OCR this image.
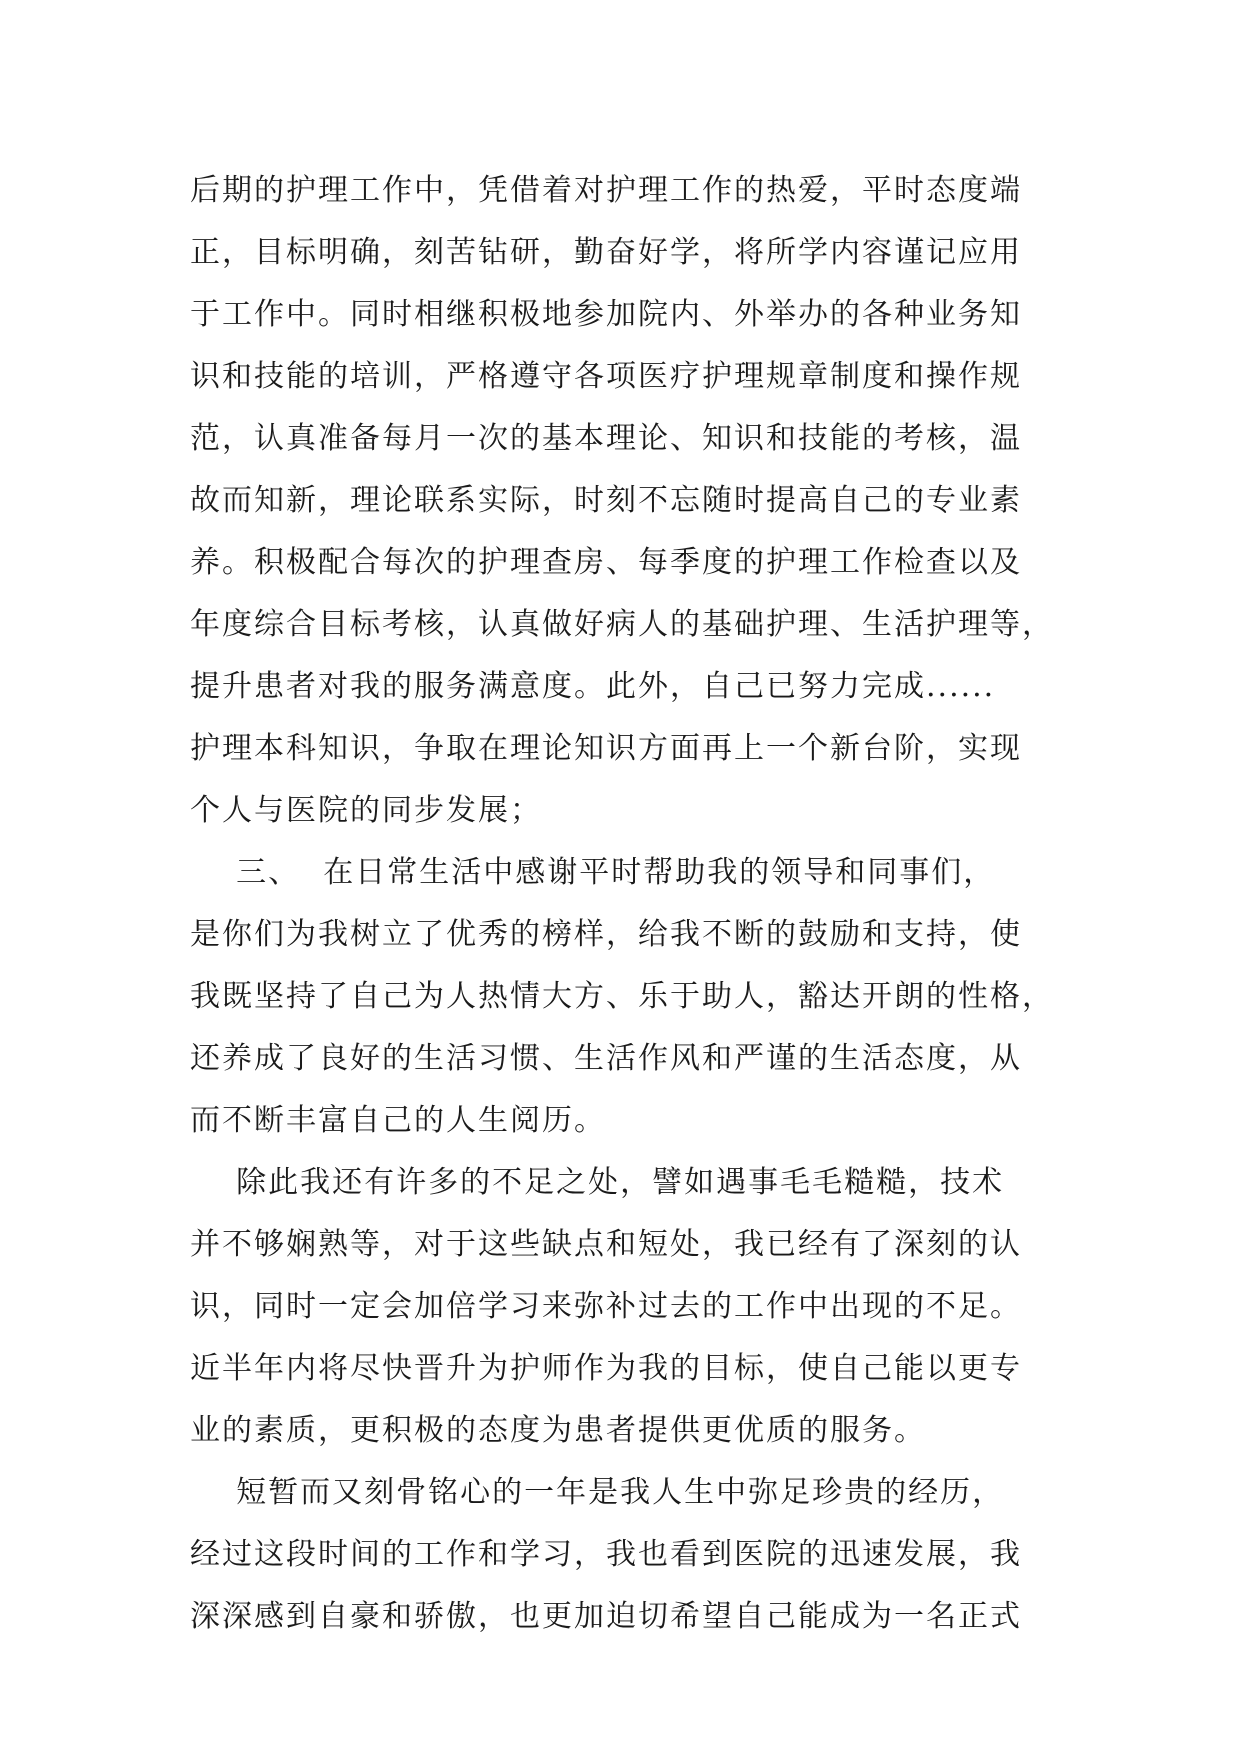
后期的护理工作中，凭借着对护理工作的热爱，平时态度端
正，目标明确，刻苦钻研，勤奋好学，将所学内容谨记应用
于工作中。同时相继积极地参加院内、外举办的各种业务知
识和技能的培训，严格遵守各项医疗护理规章制度和操作规
范，认真准备每月一次的基本理论、知识和技能的考核，温
故而知新，理论联系实际，时刻不忘随时提高自己的专业素
养。积极配合每次的护理查房、每季度的护理工作检查以及
年度综合目标考核，认真做好病人的基础护理、生活护理等，
提升患者对我的服务满意度。此外，自己已努力完成......
护理本科知识，争取在理论知识方面再上一个新台阶，实现
个人与医院的同步发展；
三、  在日常生活中感谢平时帮助我的领导和同事们，
是你们为我树立了优秀的榜样，给我不断的鼓励和支持，使
我既坚持了自己为人热情大方、乐于助人，豁达开朗的性格，
还养成了良好的生活习惯、生活作风和严谨的生活态度，从
而不断丰富自己的人生阅历。
除此我还有许多的不足之处，譬如遇事毛毛糙糙，技术
并不够娴熟等，对于这些缺点和短处，我已经有了深刻的认
识，同时一定会加倍学习来弥补过去的工作中出现的不足。
近半年内将尽快晋升为护师作为我的目标，使自己能以更专
业的素质，更积极的态度为患者提供更优质的服务。
短暂而又刻骨铭心的一年是我人生中弥足珍贵的经历，
经过这段时间的工作和学习，我也看到医院的迅速发展，我
深深感到自豪和骄傲，也更加迫切希望自己能成为一名正式
